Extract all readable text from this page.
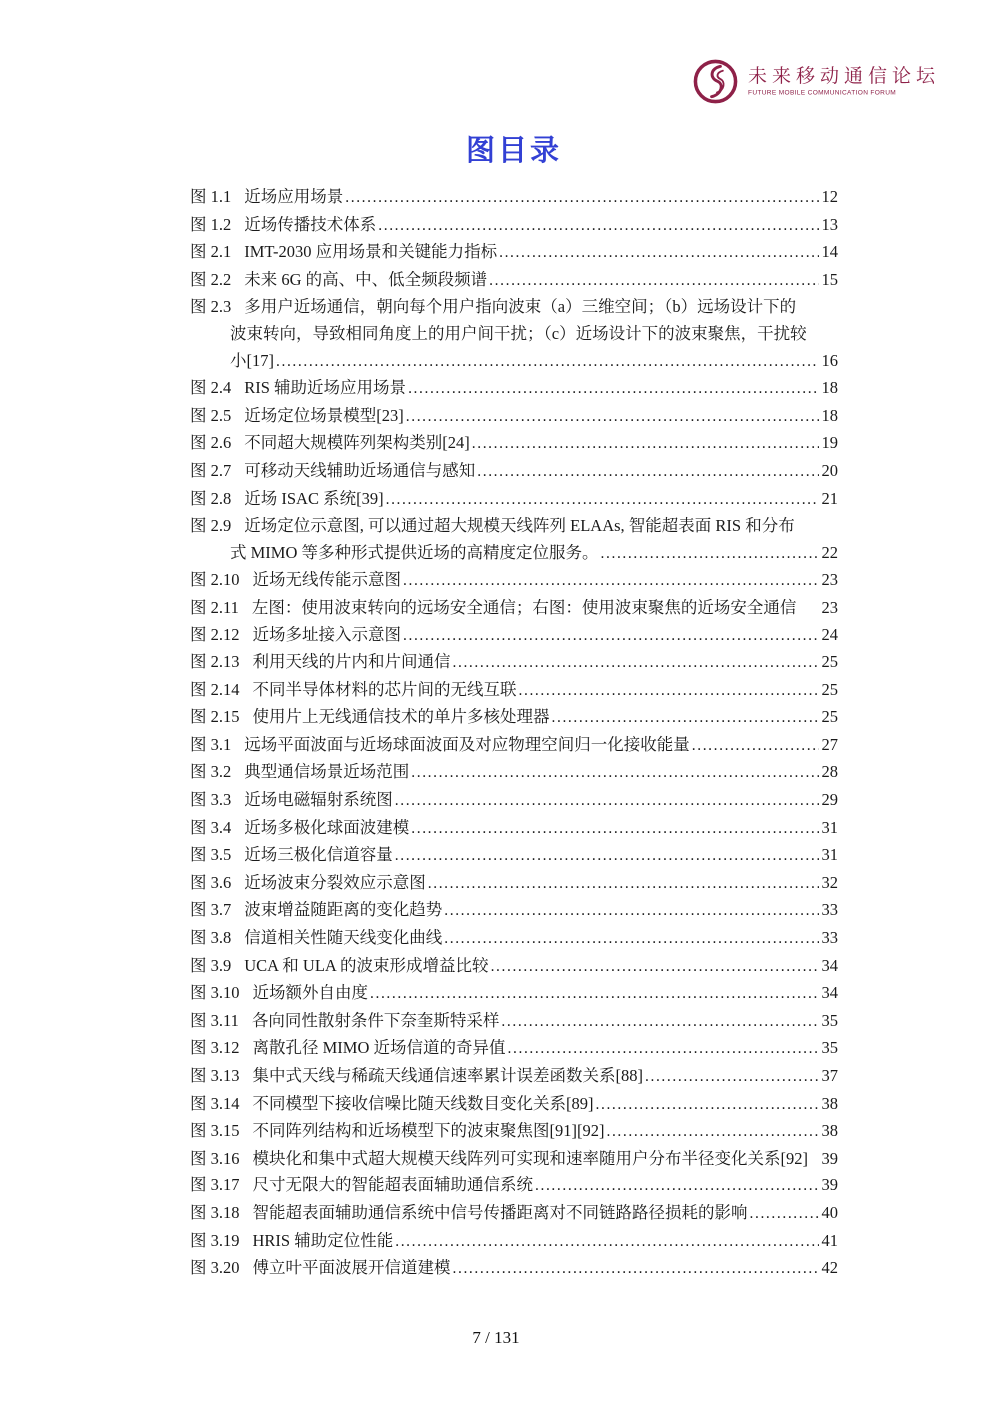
未来移动通信论坛
FUTURE MOBILE COMMUNICATION FORUM
图目录
图 1.1 近场应用场景 .....	12
图 1.2 近场传播技术体系 .....	13
图 2.1 IMT-2030 应用场景和关键能力指标 .....	14
图 2.2 未来 6G 的高、中、低全频段频谱 .....	15
图 2.3 多用户近场通信，朝向每个用户指向波束（a）三维空间；（b）远场设计下的
波束转向，导致相同角度上的用户间干扰；（c）近场设计下的波束聚焦，干扰较
小[17] .....	16
图 2.4 RIS 辅助近场应用场景 .....	18
图 2.5 近场定位场景模型[23] .....	18
图 2.6 不同超大规模阵列架构类别[24] .....	19
图 2.7 可移动天线辅助近场通信与感知 .....	20
图 2.8 近场 ISAC 系统[39] .....	21
图 2.9 近场定位示意图, 可以通过超大规模天线阵列 ELAAs, 智能超表面 RIS 和分布
式 MIMO 等多种形式提供近场的高精度定位服务。 .....	22
图 2.10 近场无线传能示意图 .....	23
图 2.11 左图：使用波束转向的远场安全通信；右图：使用波束聚焦的近场安全通信 23
图 2.12 近场多址接入示意图 .....	24
图 2.13 利用天线的片内和片间通信 .....	25
图 2.14 不同半导体材料的芯片间的无线互联 .....	25
图 2.15 使用片上无线通信技术的单片多核处理器 .....	25
图 3.1 远场平面波面与近场球面波面及对应物理空间归一化接收能量 .....	27
图 3.2 典型通信场景近场范围 .....	28
图 3.3 近场电磁辐射系统图 .....	29
图 3.4 近场多极化球面波建模 .....	31
图 3.5 近场三极化信道容量 .....	31
图 3.6 近场波束分裂效应示意图 .....	32
图 3.7 波束增益随距离的变化趋势 .....	33
图 3.8 信道相关性随天线变化曲线 .....	33
图 3.9 UCA 和 ULA 的波束形成增益比较 .....	34
图 3.10 近场额外自由度 .....	34
图 3.11 各向同性散射条件下奈奎斯特采样 .....	35
图 3.12 离散孔径 MIMO 近场信道的奇异值 .....	35
图 3.13 集中式天线与稀疏天线通信速率累计误差函数关系[88] .....	37
图 3.14 不同模型下接收信噪比随天线数目变化关系[89] .....	38
图 3.15 不同阵列结构和近场模型下的波束聚焦图[91][92] .....	38
图 3.16 模块化和集中式超大规模天线阵列可实现和速率随用户分布半径变化关系[92] 39
图 3.17 尺寸无限大的智能超表面辅助通信系统 .....	39
图 3.18 智能超表面辅助通信系统中信号传播距离对不同链路路径损耗的影响 .....	40
图 3.19 HRIS 辅助定位性能 .....	41
图 3.20 傅立叶平面波展开信道建模 .....	42
7 / 131
